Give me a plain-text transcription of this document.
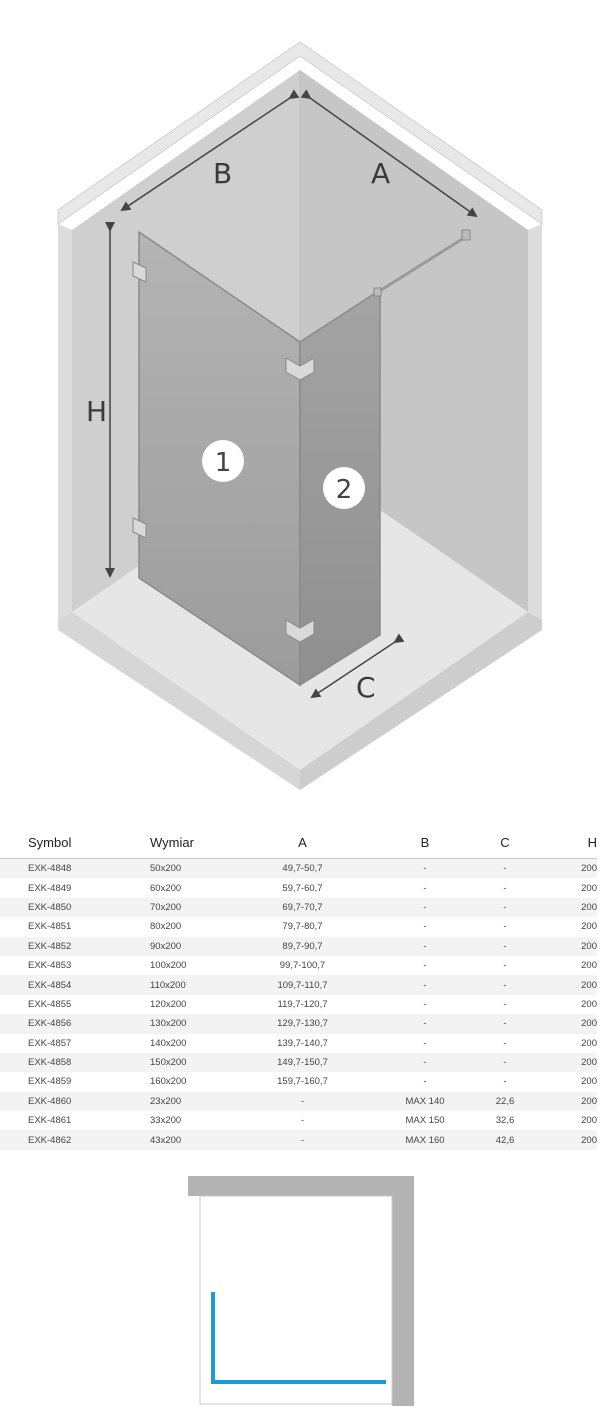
B	A
H
C
1
2
Symbol	Wymiar	A	B	C	H
EXK-4848	50x200	49,7-50,7	-	-	200
EXK-4849	60x200	59,7-60,7	-	-	200
EXK-4850	70x200	69,7-70,7	-	-	200
EXK-4851	80x200	79,7-80,7	-	-	200
EXK-4852	90x200	89,7-90,7	-	-	200
EXK-4853	100x200	99,7-100,7	-	-	200
EXK-4854	110x200	109,7-110,7	-	-	200
EXK-4855	120x200	119,7-120,7	-	-	200
EXK-4856	130x200	129,7-130,7	-	-	200
EXK-4857	140x200	139,7-140,7	-	-	200
EXK-4858	150x200	149,7-150,7	-	-	200
EXK-4859	160x200	159,7-160,7	-	-	200
EXK-4860	23x200	-	MAX 140	22,6	200
EXK-4861	33x200	-	MAX 150	32,6	200
EXK-4862	43x200	-	MAX 160	42,6	200
